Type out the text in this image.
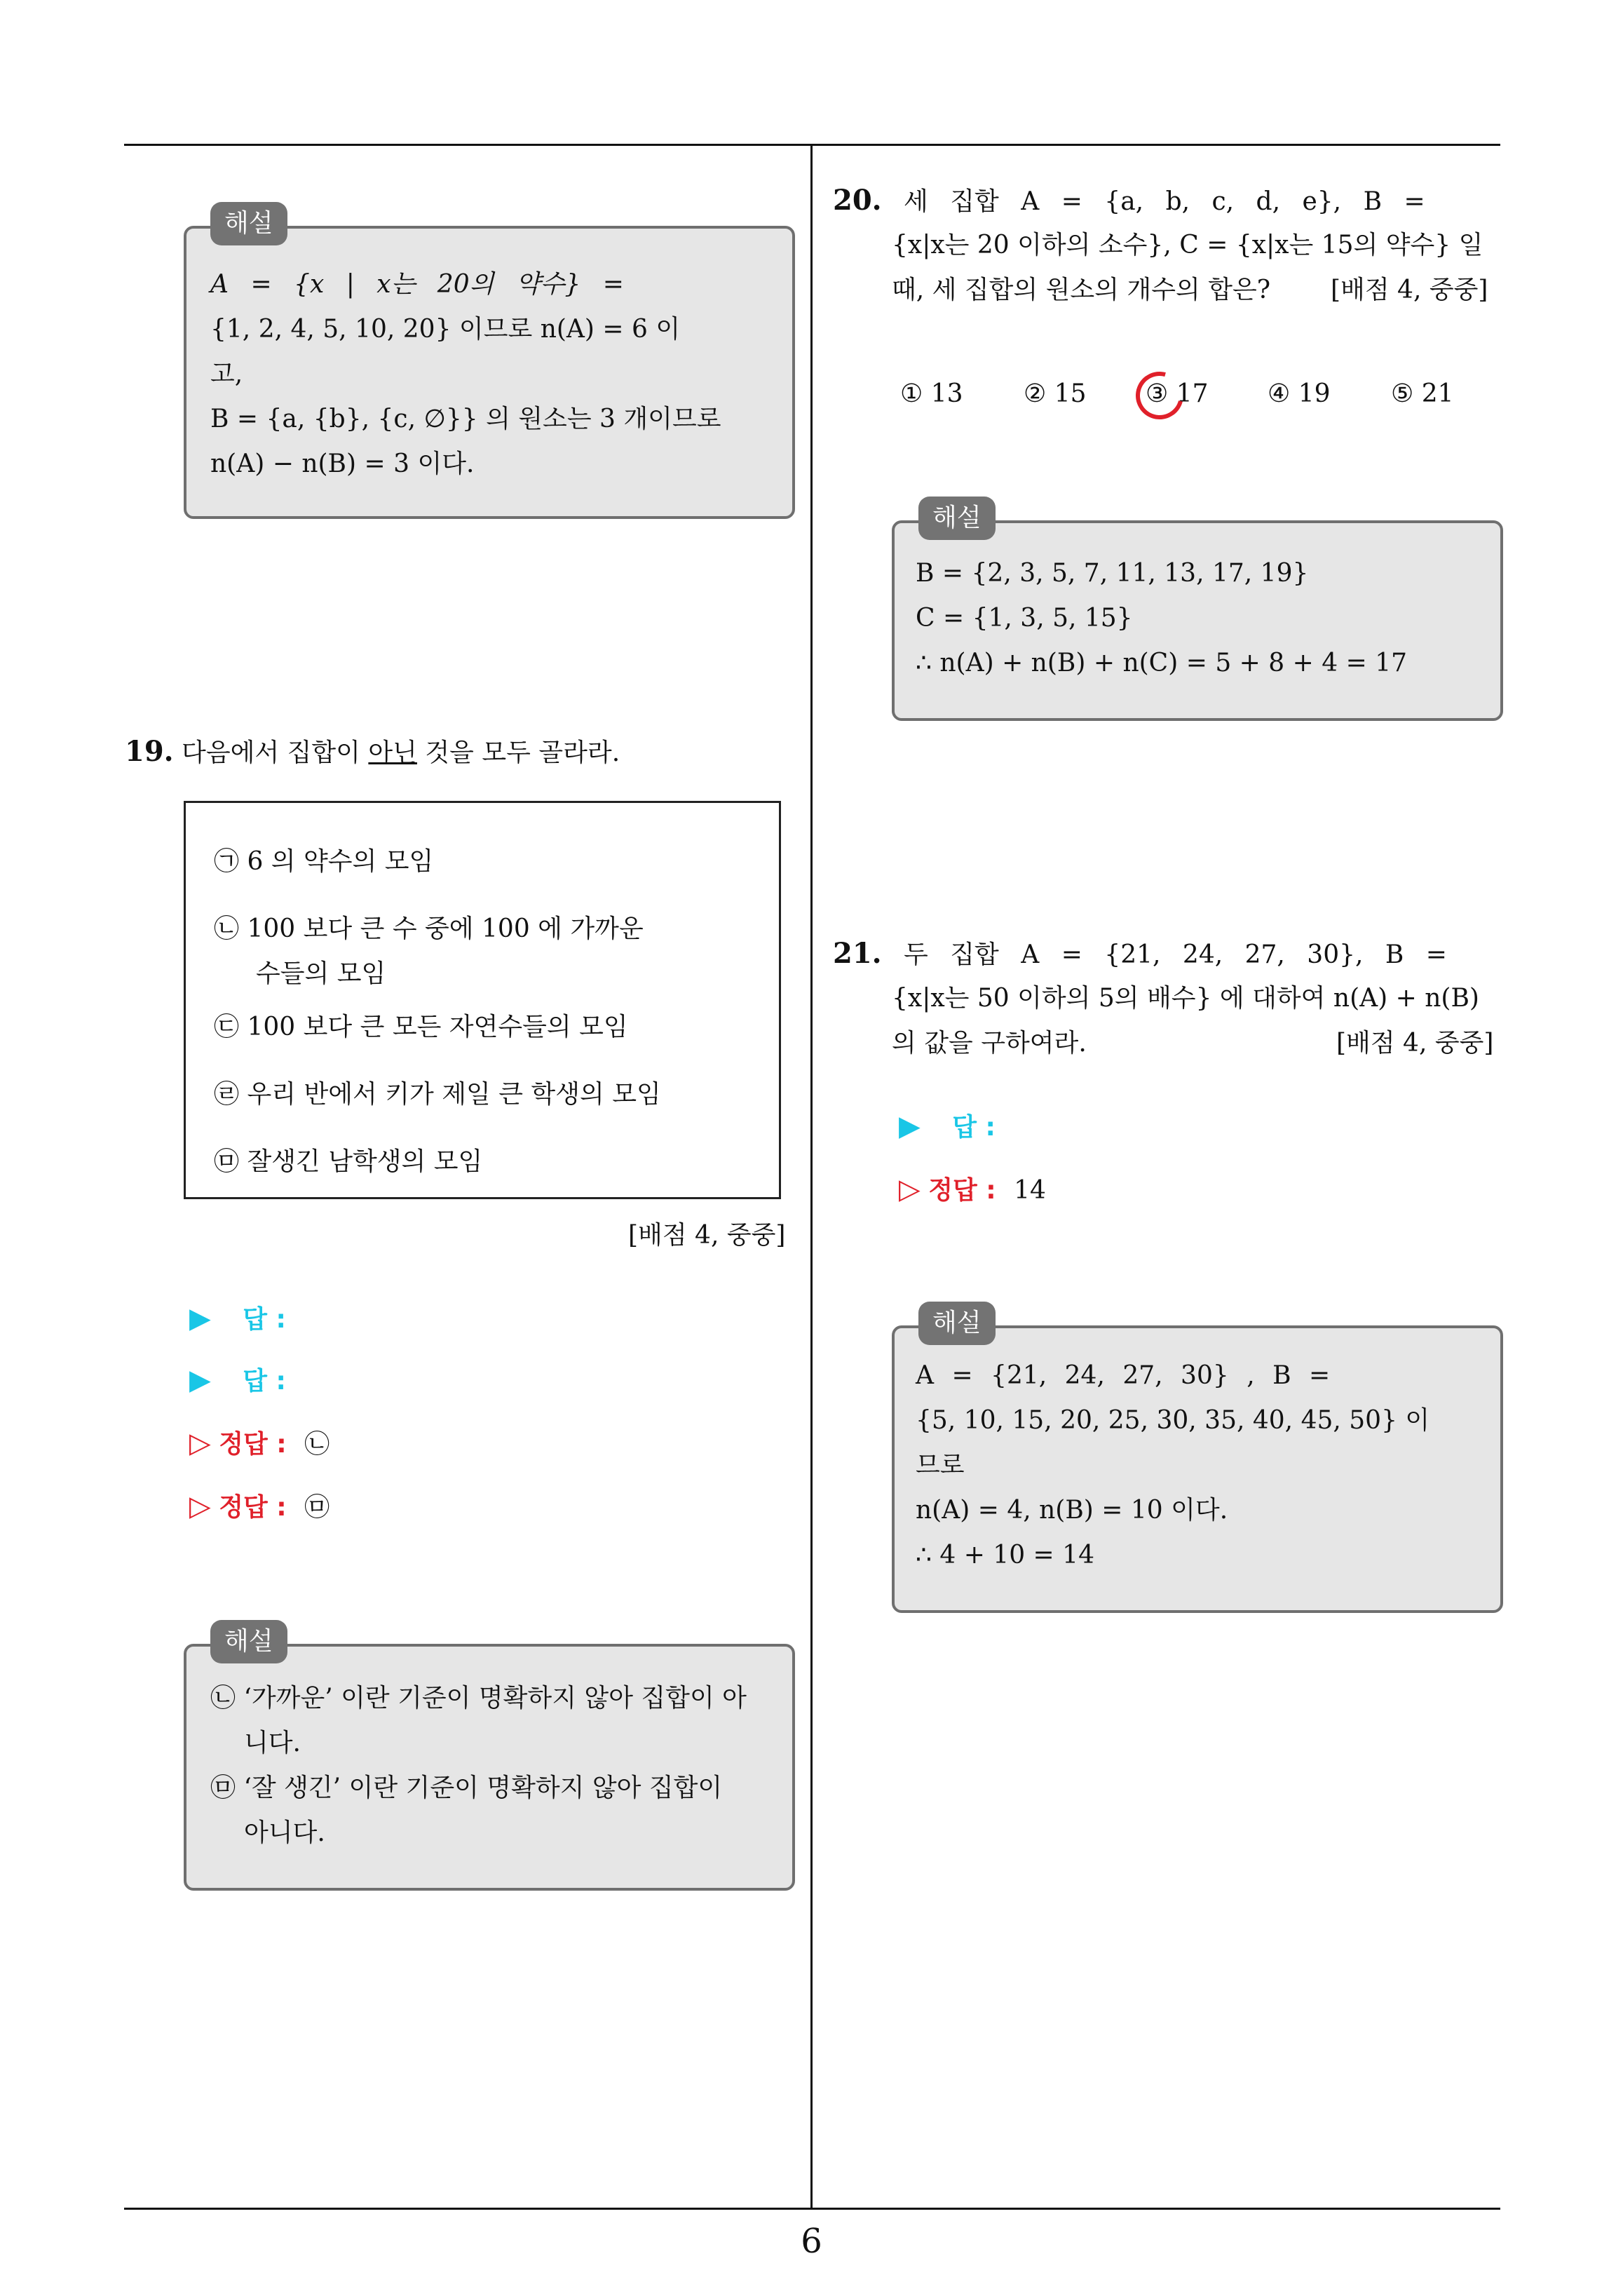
해설
A = {x | x는 20의 약수} =
{1, 2, 4, 5, 10, 20} 이므로 n(A) = 6 이
고,
B = {a, {b}, {c, ∅}} 의 원소는 3 개이므로
n(A) − n(B) = 3 이다.
19. 다음에서 집합이 아닌 것을 모두 골라라.
㉠ 6 의 약수의 모임
㉡ 100 보다 큰 수 중에 100 에 가까운
수들의 모임
㉢ 100 보다 큰 모든 자연수들의 모임
㉣ 우리 반에서 키가 제일 큰 학생의 모임
㉤ 잘생긴 남학생의 모임
[배점 4, 중중]
▶ 답 :
▶ 답 :
▷ 정답 : ㉡
▷ 정답 : ㉤
해설
㉡ ‘가까운’ 이란 기준이 명확하지 않아 집합이 아
니다.
㉤ ‘잘 생긴’ 이란 기준이 명확하지 않아 집합이
아니다.
20. 세 집합 A = {a, b, c, d, e}, B =
{x|x는 20 이하의 소수}, C = {x|x는 15의 약수} 일
때, 세 집합의 원소의 개수의 합은? [배점 4, 중중]
① 13 ② 15 ③ 17 ④ 19 ⑤ 21
해설
B = {2, 3, 5, 7, 11, 13, 17, 19}
C = {1, 3, 5, 15}
∴ n(A) + n(B) + n(C) = 5 + 8 + 4 = 17
21. 두 집합 A = {21, 24, 27, 30}, B =
{x|x는 50 이하의 5의 배수} 에 대하여 n(A) + n(B)
의 값을 구하여라.	[배점 4, 중중]
▶ 답 :
▷ 정답 : 14
해설
A = {21, 24, 27, 30} , B =
{5, 10, 15, 20, 25, 30, 35, 40, 45, 50} 이
므로
n(A) = 4, n(B) = 10 이다.
∴ 4 + 10 = 14
6
